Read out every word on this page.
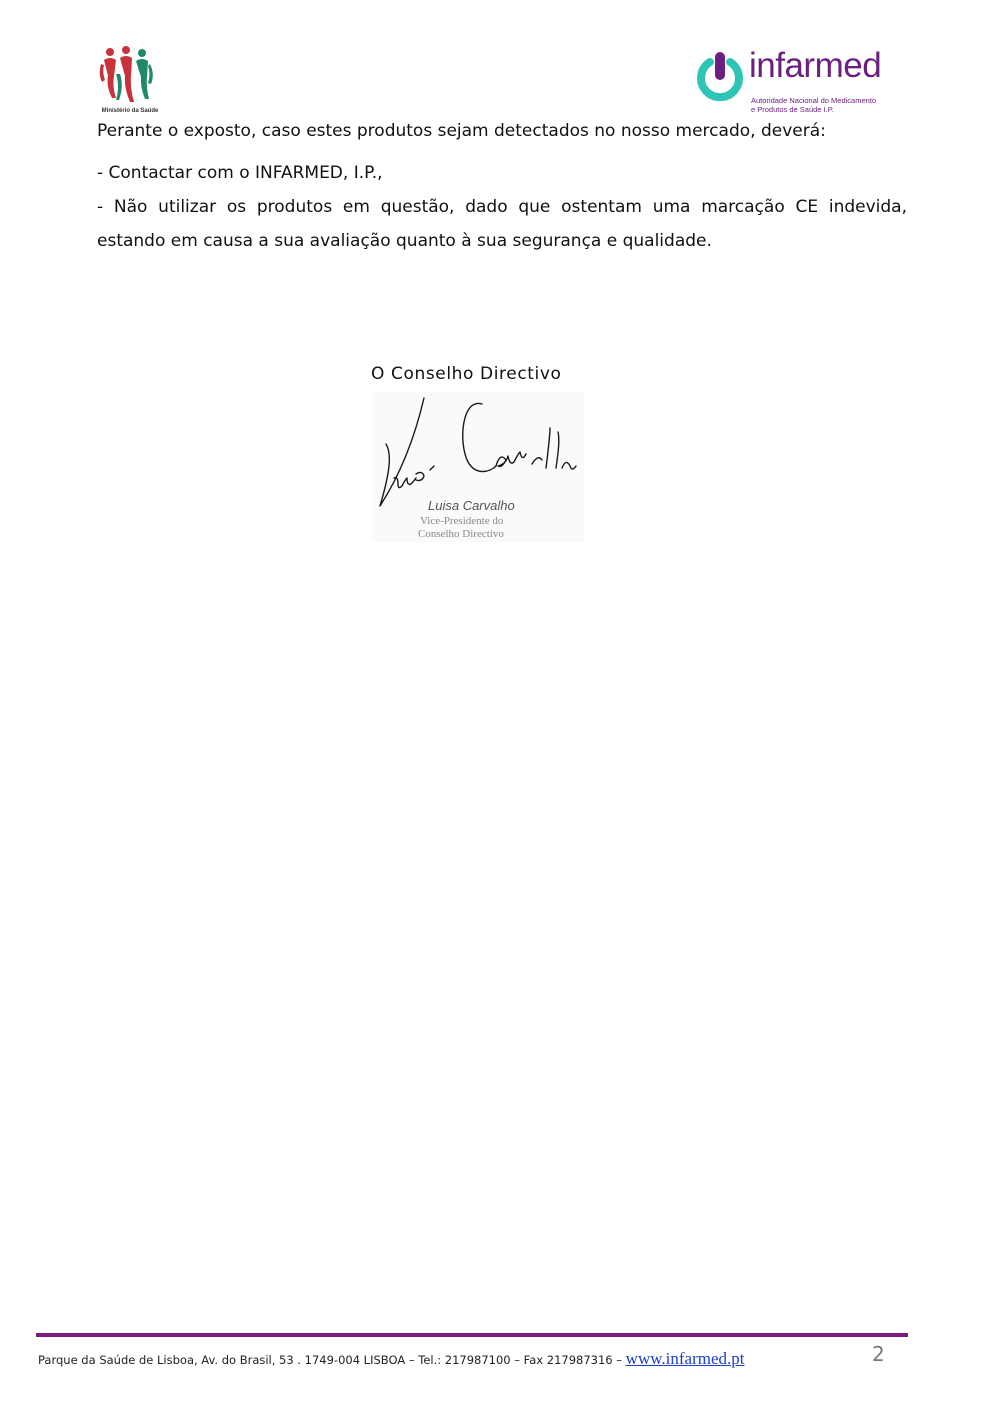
Ministério da Saúde
infarmed
Autoridade Nacional do Medicamento
e Produtos de Saúde I.P.
Perante o exposto, caso estes produtos sejam detectados no nosso mercado, deverá:
- Contactar com o INFARMED, I.P.,
- Não utilizar os produtos em questão, dado que ostentam uma marcação CE indevida, estando em causa a sua avaliação quanto à sua segurança e qualidade.
O Conselho Directivo
Luisa Carvalho
Vice-Presidente do
Conselho Directivo
Parque da Saúde de Lisboa, Av. do Brasil, 53 . 1749-004 LISBOA – Tel.: 217987100 – Fax 217987316 – www.infarmed.pt	2
